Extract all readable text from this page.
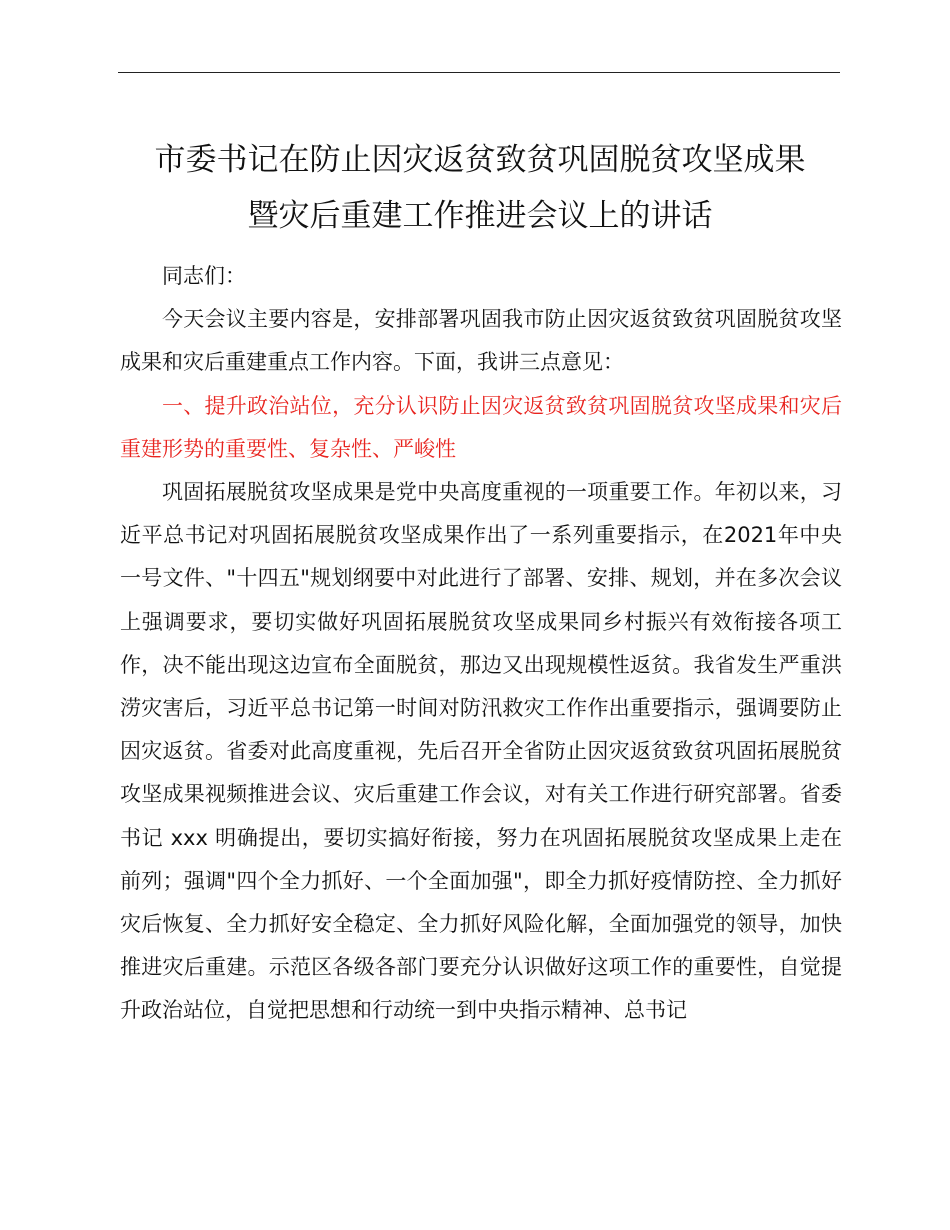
市委书记在防止因灾返贫致贫巩固脱贫攻坚成果
暨灾后重建工作推进会议上的讲话

同志们：

今天会议主要内容是，安排部署巩固我市防止因灾返贫致贫巩固脱贫攻坚成果和灾后重建重点工作内容。下面，我讲三点意见：

一、提升政治站位，充分认识防止因灾返贫致贫巩固脱贫攻坚成果和灾后重建形势的重要性、复杂性、严峻性

巩固拓展脱贫攻坚成果是党中央高度重视的一项重要工作。年初以来，习近平总书记对巩固拓展脱贫攻坚成果作出了一系列重要指示，在2021年中央一号文件、"十四五"规划纲要中对此进行了部署、安排、规划，并在多次会议上强调要求，要切实做好巩固拓展脱贫攻坚成果同乡村振兴有效衔接各项工作，决不能出现这边宣布全面脱贫，那边又出现规模性返贫。我省发生严重洪涝灾害后，习近平总书记第一时间对防汛救灾工作作出重要指示，强调要防止因灾返贫。省委对此高度重视，先后召开全省防止因灾返贫致贫巩固拓展脱贫攻坚成果视频推进会议、灾后重建工作会议，对有关工作进行研究部署。省委书记 xxx 明确提出，要切实搞好衔接，努力在巩固拓展脱贫攻坚成果上走在前列；强调"四个全力抓好、一个全面加强"，即全力抓好疫情防控、全力抓好灾后恢复、全力抓好安全稳定、全力抓好风险化解，全面加强党的领导，加快推进灾后重建。示范区各级各部门要充分认识做好这项工作的重要性，自觉提升政治站位，自觉把思想和行动统一到中央指示精神、总书记
